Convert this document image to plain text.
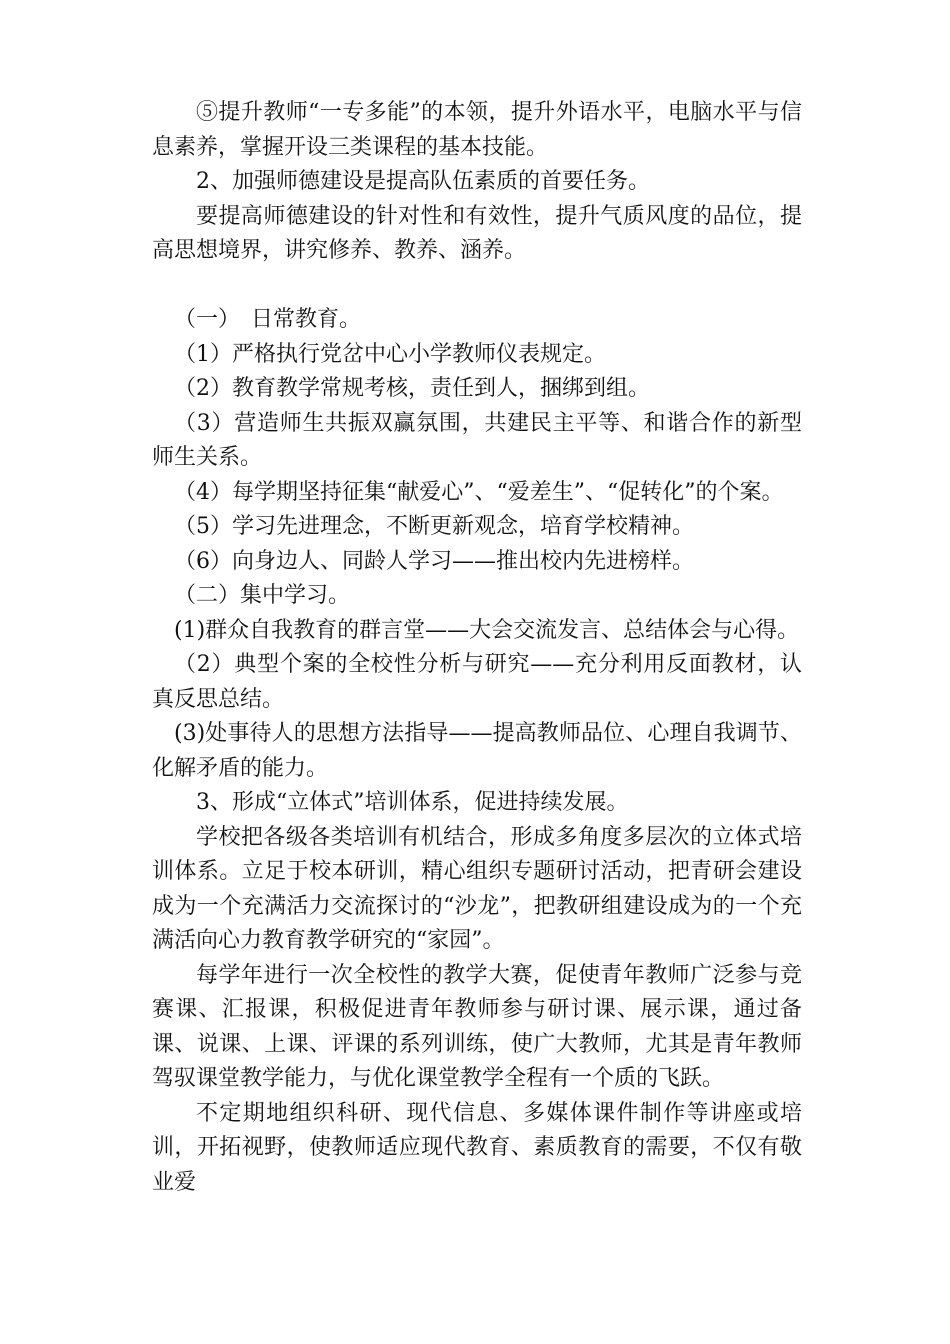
⑤提升教师“一专多能”的本领，提升外语水平，电脑水平与信息素养，掌握开设三类课程的基本技能。

2、加强师德建设是提高队伍素质的首要任务。

要提高师德建设的针对性和有效性，提升气质风度的品位，提高思想境界，讲究修养、教养、涵养。

（一）　日常教育。

（1）严格执行党岔中心小学教师仪表规定。

（2）教育教学常规考核，责任到人，捆绑到组。

（3）营造师生共振双赢氛围，共建民主平等、和谐合作的新型师生关系。

（4）每学期坚持征集“献爱心”、“爱差生”、“促转化”的个案。

（5）学习先进理念，不断更新观念，培育学校精神。

（6）向身边人、同龄人学习——推出校内先进榜样。

（二）集中学习。

(1)群众自我教育的群言堂——大会交流发言、总结体会与心得。

（2）典型个案的全校性分析与研究——充分利用反面教材，认真反思总结。

(3)处事待人的思想方法指导——提高教师品位、心理自我调节、化解矛盾的能力。

3、形成“立体式”培训体系，促进持续发展。

学校把各级各类培训有机结合，形成多角度多层次的立体式培训体系。立足于校本研训，精心组织专题研讨活动，把青研会建设成为一个充满活力交流探讨的“沙龙”，把教研组建设成为的一个充满活向心力教育教学研究的“家园”。

每学年进行一次全校性的教学大赛，促使青年教师广泛参与竞赛课、汇报课，积极促进青年教师参与研讨课、展示课，通过备课、说课、上课、评课的系列训练，使广大教师，尤其是青年教师驾驭课堂教学能力，与优化课堂教学全程有一个质的飞跃。

不定期地组织科研、现代信息、多媒体课件制作等讲座或培训，开拓视野，使教师适应现代教育、素质教育的需要，不仅有敬业爱
